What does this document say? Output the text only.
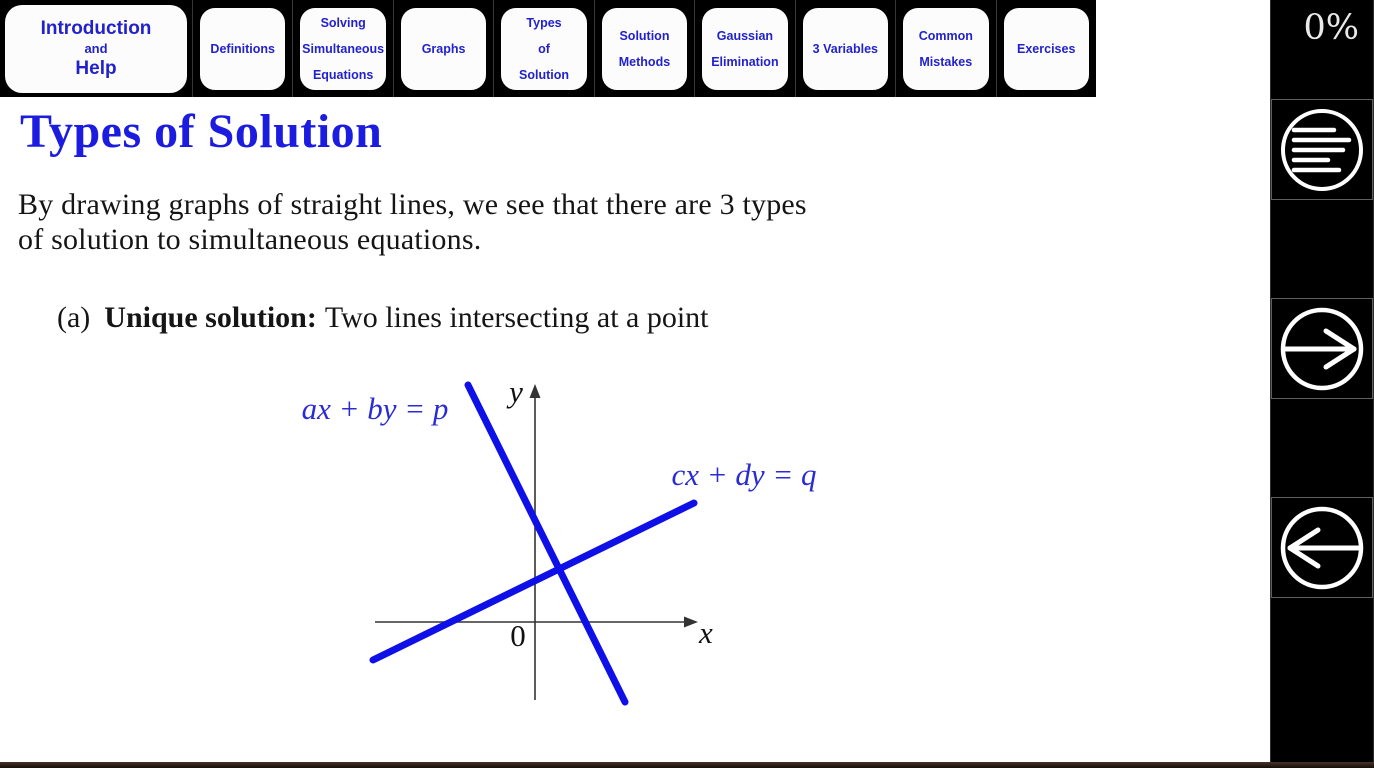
Introduction
and
Help
Definitions
Solving
Simultaneous
Equations
Graphs
Types
of
Solution
Solution
Methods
Gaussian
Elimination
3 Variables
Common
Mistakes
Exercises
Types of Solution

By drawing graphs of straight lines, we see that there are 3 types

of solution to simultaneous equations.

(a) Unique solution: Two lines intersecting at a point
ax + by = p
cx + dy = q
x
y
0
0%
